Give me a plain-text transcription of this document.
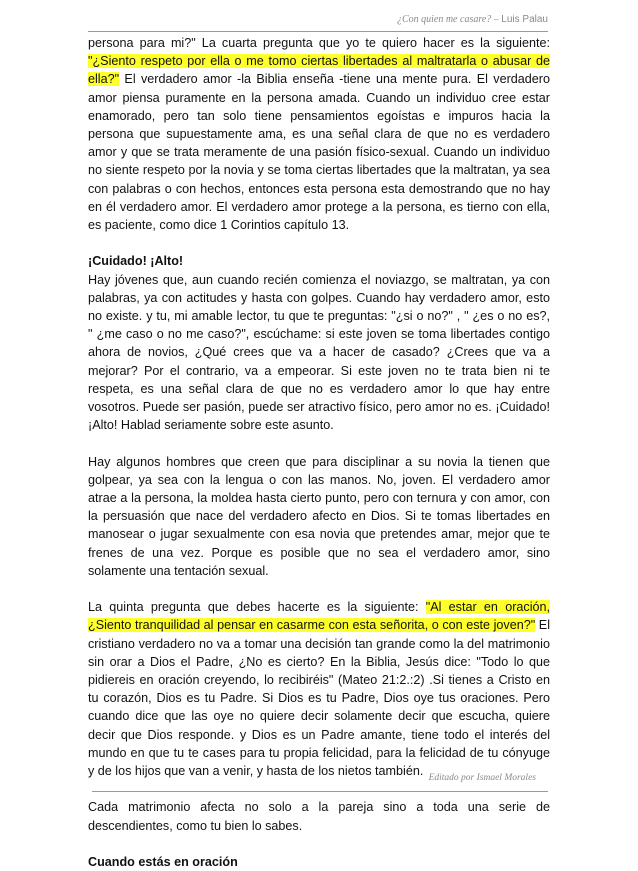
¿Con quien me casare? – Luis Palau

persona para mi?" La cuarta pregunta que yo te quiero hacer es la siguiente: "¿Siento respeto por ella o me tomo ciertas libertades al maltratarla o abusar de ella?" El verdadero amor -la Biblia enseña -tiene una mente pura. El verdadero amor piensa puramente en la persona amada. Cuando un individuo cree estar enamorado, pero tan solo tiene pensamientos egoístas e impuros hacia la persona que supuestamente ama, es una señal clara de que no es verdadero amor y que se trata meramente de una pasión físico-sexual. Cuando un individuo no siente respeto por la novia y se toma ciertas libertades que la maltratan, ya sea con palabras o con hechos, entonces esta persona esta demostrando que no hay en él verdadero amor. El verdadero amor protege a la persona, es tierno con ella, es paciente, como dice 1 Corintios capítulo 13.

¡Cuidado! ¡Alto!

Hay jóvenes que, aun cuando recién comienza el noviazgo, se maltratan, ya con palabras, ya con actitudes y hasta con golpes. Cuando hay verdadero amor, esto no existe. y tu, mi amable lector, tu que te preguntas: "¿si o no?" , " ¿es o no es?, " ¿me caso o no me caso?", escúchame: si este joven se toma libertades contigo ahora de novios, ¿Qué crees que va a hacer de casado? ¿Crees que va a mejorar? Por el contrario, va a empeorar. Si este joven no te trata bien ni te respeta, es una señal clara de que no es verdadero amor lo que hay entre vosotros. Puede ser pasión, puede ser atractivo físico, pero amor no es. ¡Cuidado! ¡Alto! Hablad seriamente sobre este asunto.

Hay algunos hombres que creen que para disciplinar a su novia la tienen que golpear, ya sea con la lengua o con las manos. No, joven. El verdadero amor atrae a la persona, la moldea hasta cierto punto, pero con ternura y con amor, con la persuasión que nace del verdadero afecto en Dios. Si te tomas libertades en manosear o jugar sexualmente con esa novia que pretendes amar, mejor que te frenes de una vez. Porque es posible que no sea el verdadero amor, sino solamente una tentación sexual.

La quinta pregunta que debes hacerte es la siguiente: "Al estar en oración, ¿Siento tranquilidad al pensar en casarme con esta señorita, o con este joven?" El cristiano verdadero no va a tomar una decisión tan grande como la del matrimonio sin orar a Dios el Padre, ¿No es cierto? En la Biblia, Jesús dice: "Todo lo que pidiereis en oración creyendo, lo recibiréis" (Mateo 21:2.:2) .Si tienes a Cristo en tu corazón, Dios es tu Padre. Si Dios es tu Padre, Dios oye tus oraciones. Pero cuando dice que las oye no quiere decir solamente decir que escucha, quiere decir que Dios responde. y Dios es un Padre amante, tiene todo el interés del mundo en que tu te cases para tu propia felicidad, para la felicidad de tu cónyuge y de los hijos que van a venir, y hasta de los nietos también.

Cada matrimonio afecta no solo a la pareja sino a toda una serie de descendientes, como tu bien lo sabes.

Cuando estás en oración
Editado por Ismael Morales
